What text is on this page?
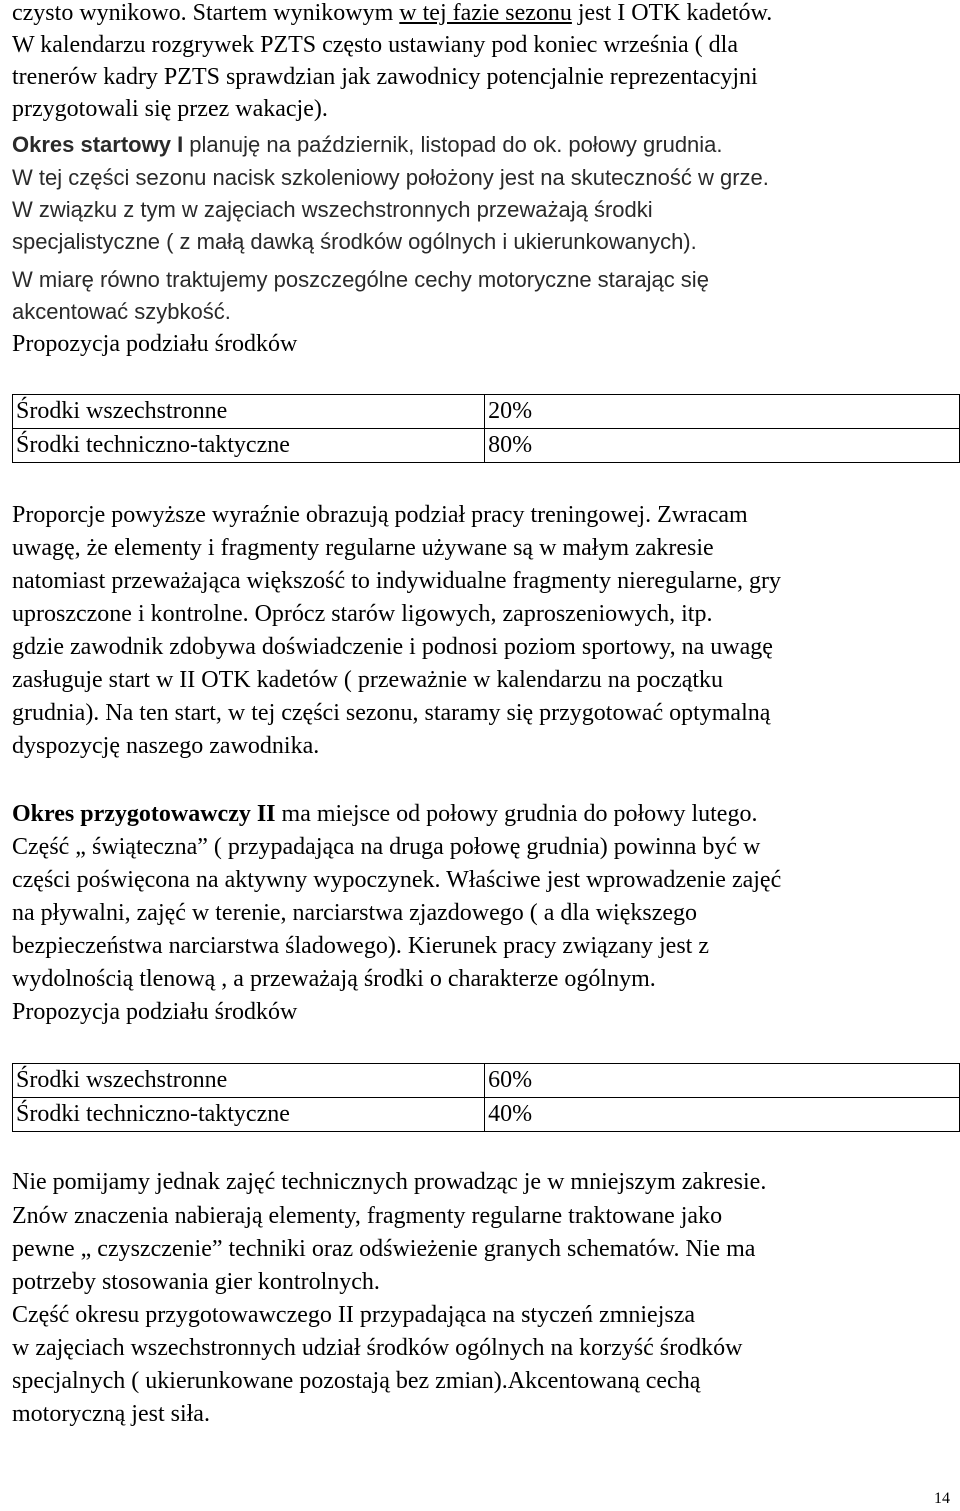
czysto wynikowo. Startem wynikowym w tej fazie sezonu jest I OTK kadetów.
W kalendarzu rozgrywek PZTS często ustawiany pod koniec września ( dla
trenerów kadry PZTS sprawdzian jak zawodnicy potencjalnie reprezentacyjni
przygotowali się przez wakacje).
Okres startowy I planuję na październik, listopad do ok. połowy grudnia.
W tej części sezonu nacisk szkoleniowy położony jest na skuteczność w grze.
W związku z tym w zajęciach wszechstronnych przeważają środki
specjalistyczne ( z małą dawką środków ogólnych i ukierunkowanych).
W miarę równo traktujemy poszczególne cechy motoryczne starając się
akcentować szybkość.
Propozycja podziału środków
Środki wszechstronne	20%
Środki techniczno-taktyczne	80%
Proporcje powyższe wyraźnie obrazują podział pracy treningowej. Zwracam
uwagę, że elementy i fragmenty regularne używane są w małym zakresie
natomiast przeważająca większość to indywidualne fragmenty nieregularne, gry
uproszczone i kontrolne. Oprócz starów ligowych, zaproszeniowych, itp.
gdzie zawodnik zdobywa doświadczenie i podnosi poziom sportowy, na uwagę
zasługuje start w II OTK kadetów ( przeważnie w kalendarzu na początku
grudnia). Na ten start, w tej części sezonu, staramy się przygotować optymalną
dyspozycję naszego zawodnika.
Okres przygotowawczy II ma miejsce od połowy grudnia do połowy lutego.
Część „ świąteczna” ( przypadająca na druga połowę grudnia) powinna być w
części poświęcona na aktywny wypoczynek. Właściwe jest wprowadzenie zajęć
na pływalni, zajęć w terenie, narciarstwa zjazdowego ( a dla większego
bezpieczeństwa narciarstwa śladowego). Kierunek pracy związany jest z
wydolnością tlenową , a przeważają środki o charakterze ogólnym.
Propozycja podziału środków
Środki wszechstronne	60%
Środki techniczno-taktyczne	40%
Nie pomijamy jednak zajęć technicznych prowadząc je w mniejszym zakresie.
Znów znaczenia nabierają elementy, fragmenty regularne traktowane jako
pewne „ czyszczenie” techniki oraz odświeżenie granych schematów. Nie ma
potrzeby stosowania gier kontrolnych.
Część okresu przygotowawczego II przypadająca na styczeń zmniejsza
w zajęciach wszechstronnych udział środków ogólnych na korzyść środków
specjalnych ( ukierunkowane pozostają bez zmian).Akcentowaną cechą
motoryczną jest siła.
14
